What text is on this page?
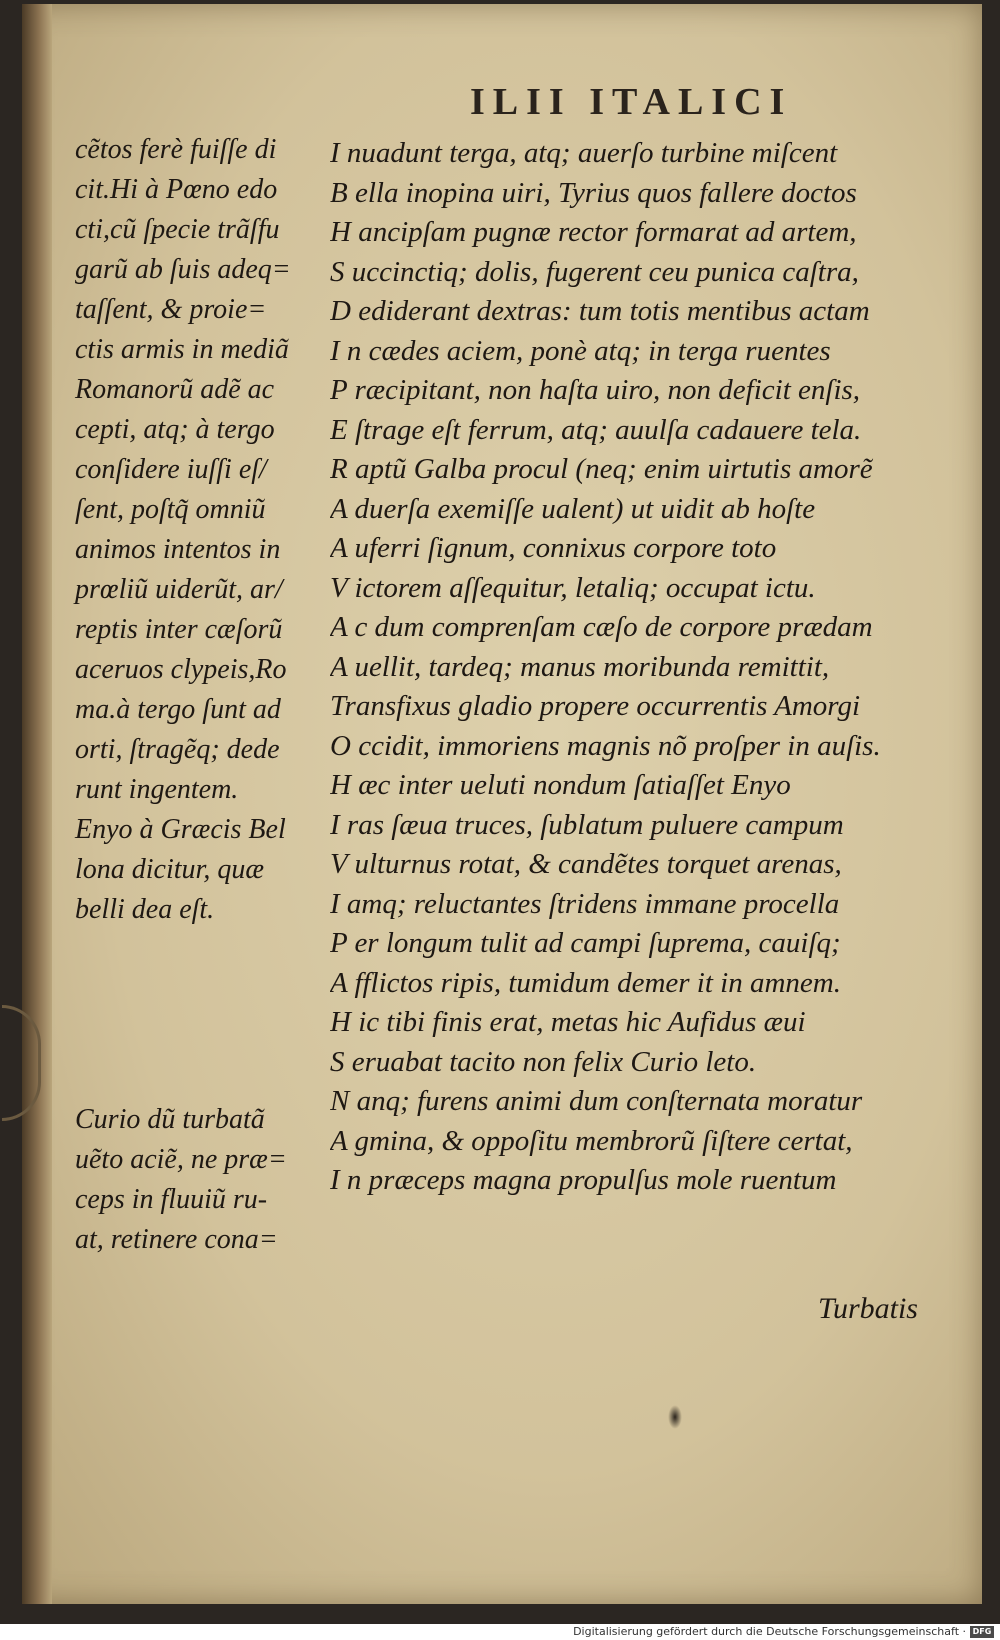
ILII ITALICI
cẽtos ferè fuiſſe di
cit.Hi à Pœno edo
cti,cũ ſpecie trãſfu
garũ ab ſuis adeq=
taſſent, & proie=
ctis armis in mediã
Romanorũ adẽ ac
cepti, atq; à tergo
conſidere iuſſi eſ/
ſent, poſtq̃ omniũ
animos intentos in
prœliũ uiderũt, ar/
reptis inter cæſorũ
aceruos clypeis,Ro
ma.à tergo ſunt ad
orti, ſtragẽq; dede
runt ingentem.
Enyo à Græcis Bel
lona dicitur, quæ
belli dea eſt.
Curio dũ turbatã
uẽto aciẽ, ne præ=
ceps in fluuiũ ru-
at, retinere cona=
I nuadunt terga, atq; auerſo turbine miſcent
B ella inopina uiri, Tyrius quos fallere doctos
H ancipſam pugnæ rector formarat ad artem,
S uccinctiq; dolis, fugerent ceu punica caſtra,
D ediderant dextras: tum totis mentibus actam
I n cædes aciem, ponè atq; in terga ruentes
P ræcipitant, non haſta uiro, non deficit enſis,
E ſtrage eſt ferrum, atq; auulſa cadauere tela.
R aptũ Galba procul (neq; enim uirtutis amorẽ
A duerſa exemiſſe ualent) ut uidit ab hoſte
A uferri ſignum, connixus corpore toto
V ictorem aſſequitur, letaliq; occupat ictu.
A c dum comprenſam cæſo de corpore prædam
A uellit, tardeq; manus moribunda remittit,
Transfixus gladio propere occurrentis Amorgi
O ccidit, immoriens magnis nõ proſper in auſis.
H æc inter ueluti nondum ſatiaſſet Enyo
I ras ſæua truces, ſublatum puluere campum
V ulturnus rotat, & candẽtes torquet arenas,
I amq; reluctantes ſtridens immane procella
P er longum tulit ad campi ſuprema, cauiſq;
A fflictos ripis, tumidum demer it in amnem.
H ic tibi finis erat, metas hic Aufidus æui
S eruabat tacito non felix Curio leto.
N anq; furens animi dum conſternata moratur
A gmina, & oppoſitu membrorũ ſiſtere certat,
I n præceps magna propulſus mole ruentum
Turbatis
Digitalisierung gefördert durch die Deutsche Forschungsgemeinschaft · DFG
